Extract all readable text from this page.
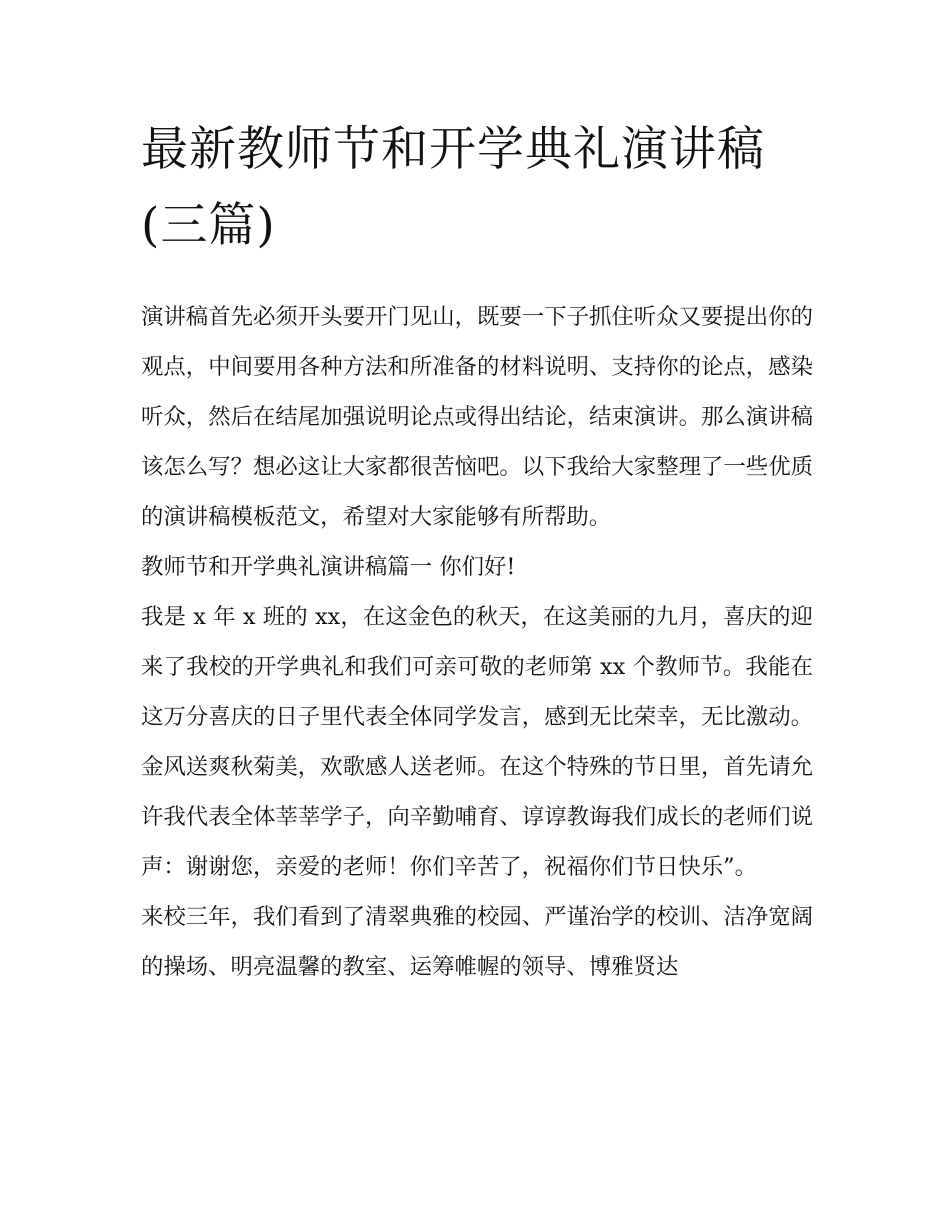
最新教师节和开学典礼演讲稿(三篇)

演讲稿首先必须开头要开门见山，既要一下子抓住听众又要提出你的观点，中间要用各种方法和所准备的材料说明、支持你的论点，感染听众，然后在结尾加强说明论点或得出结论，结束演讲。那么演讲稿该怎么写？想必这让大家都很苦恼吧。以下我给大家整理了一些优质的演讲稿模板范文，希望对大家能够有所帮助。

教师节和开学典礼演讲稿篇一 你们好!

我是 x 年 x 班的 xx，在这金色的秋天，在这美丽的九月，喜庆的迎来了我校的开学典礼和我们可亲可敬的老师第 xx 个教师节。我能在这万分喜庆的日子里代表全体同学发言，感到无比荣幸，无比激动。金风送爽秋菊美，欢歌感人送老师。在这个特殊的节日里，首先请允许我代表全体莘莘学子，向辛勤哺育、谆谆教诲我们成长的老师们说声：谢谢您，亲爱的老师！你们辛苦了，祝福你们节日快乐”。

来校三年，我们看到了清翠典雅的校园、严谨治学的校训、洁净宽阔的操场、明亮温馨的教室、运筹帷幄的领导、博雅贤达
